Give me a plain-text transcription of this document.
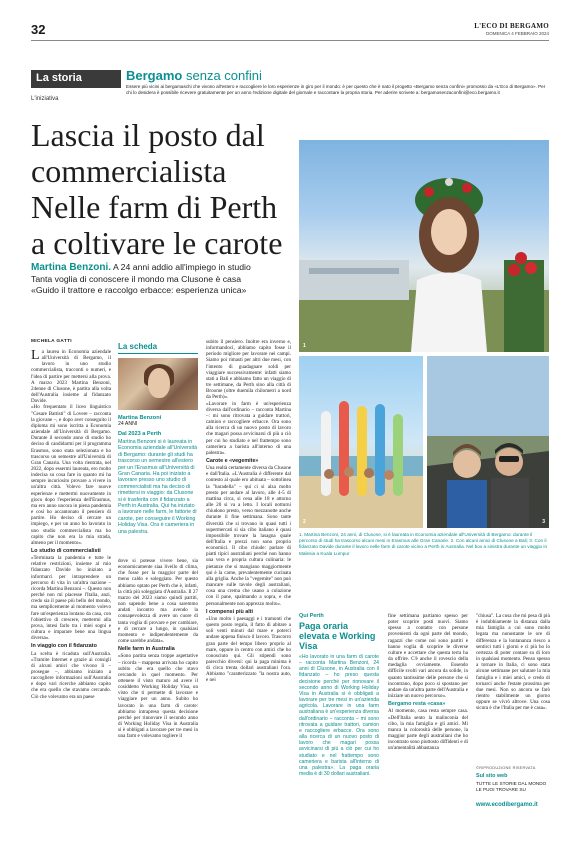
32	L'ECO DI BERGAMO
DOMENICA 4 FEBBRAIO 2024
La storia
L'iniziativa
Bergamo senza confini
Essere più vicini ai bergamaschi che vivono all'estero e raccogliere le loro esperienze in giro per il mondo: è per questo che è nato il progetto «Bergamo senza confini» promosso da «L'Eco di Bergamo». Per chi lo desidera è possibile ricevere gratuitamente per un anno l'edizione digitale del giornale e raccontare la propria storia. Per aderire scrivete a: bergamosenzaconfini@eco.bergamo.it
Lascia il posto dal commercialista Nelle farm di Perth a coltivare le carote
Martina Benzoni. A 24 anni addio all'impiego in studio
Tanta voglia di conoscere il mondo ma Clusone è casa
«Guido il trattore e raccolgo erbacce: esperienza unica»
MICHELA GATTI

La laurea in Economia aziendale all'Università di Bergamo, il lavoro in uno studio commercialista, tracconti o numeri, e l'idea di partire per mettersi alla prova. A marzo 2023 Martina Benzoni, 24enne di Clusone, è partita alla volta dell'Australia insieme al fidanzato Davide.

«Ho frequentato il liceo linguistico "Cesare Battisti" di Lovere – racconta la giovane –, e dopo aver conseguito il diploma mi sono iscritta a Economia aziendale all'Università di Bergamo. Durante il secondo anno di studio ho deciso di candidarmi per il programma Erasmus, sono stata selezionata e ho trascorso un semestre all'Università di Gran Canaria. Una volta rientrata, nel 2022, dopo essermi laureata, ero molto indecisa su cosa fare in quanto mi ha sempre incuriosito provare a vivere in un'altra città. Volevo fare nuove esperienze e mettermi nuovamente in gioco dopo l'esperienza dell'Erasmus, ma ero anno uncora in piena pandemia e così ho accantonato il pensiero di partire. Ho deciso di cercare un impiego, e per un anno ho lavorato in uno studio commercialista ma ho capito che non era la mia strada, almeno per il momento».

Lo studio di commercialisti

«Terminata la pandemia e tutte le relative restrizioni, insieme al mio fidanzato Davide ho iniziato a informarci per intraprendere un percorso di vita in un'altra nazione – ricorda Martina Benzoni –. Questo non perché non mi piacesse l'Italia, anzi, credo sia il paese più bello del mondo, ma semplicemente al momento volevo fare un'esperienza lontano da casa, con l'obiettivo di crescere, mettermi alla prova, intesi farlo tra i miei sogni e cultura e imparare bene una lingua diversa».

In viaggio con il fidanzato

La scelta è ricaduta sull'Australia. «Tramite Internet e grazie ai consigli di alcuni amici che vivono lì – prosegue –, abbiamo iniziato a raccogliere informazioni sull'Australia e dopo vari ricerche abbiamo capito che era quello che stavamo cercando. Ciò che volevamo era un paese

La scheda
Martina Benzoni
24 ANNI
Dal 2023 a Perth
Martina Benzoni si è laureata in Economia aziendale all'Università di Bergamo: durante gli studi ha trascorso un semestre all'estero per un l'Erasmus all'Università di Gran Canaria. Ha poi iniziato a lavorare presso uno studio di commercialisti ma ha deciso di rimettersi in viaggio: da Clusone si è trasferita con il fidanzato a Perth in Australia. Qui ha iniziato a lavorare nelle farm, le fattorie di carote, per conseguire il Working Holiday Visa. Ora è cameriera in una palestra.

dove si potesse vivere bene, sia economicamente siaa livello di clima, che fosse per la maggior parte del meno caldo e soleggiato. Per questo abbiamo optato per Perth che è, infatti, la città più soleggiata d'Australia. Il 27 marzo del 2023 siamo quindi partiti, non sapendo bene a cosa saremmo andati incontro ma avendo la consapevolezza di avere un cuore di tanta voglia di provare e per cambiare, e di cercare a lungo, in qualsiasi momento e indipendentemente da come sarebbe andata».

Nelle farm in Australia

«Sono partita senza troppe aspettative – ricorda – mappena arrivata ho capito subito che era quello che stavo cercando in quel momento. Per ottenere il visto maturo ad avere il cosiddetto Working Holiday Visa, un visto che ti permette di lavorare e viaggiare per un anno. Subito ho lavorato in una farm di carote: abbiamo intrapreso questa decisione perché per rinnovare il secondo anno di Working Holiday Visa in Australia si è obbligati a lavorare per tre mesi in una farm e volevamo togliere il

subito il pensiero. Inoltre era inverno e, informandoci, abbiamo capito fosse il periodo migliore per lavorare nei campi. Siamo poi rimasti per altri due mesi, con l'intento di guadagnare soldi per viaggiare successivamente: infatti siamo stati a Bali e abbiamo fatto un viaggio di tre settimane, da Perth sino alla città di Broome (oltre duemila chilometri a nord da Perth)».

«Lavorare in farm è un'esperienza diversa dall'ordinario – racconta Martina –: mi sono ritrovata a guidare trattori, camion e raccogliere erbacce. Ora sono alla ricerca di un nuovo posto di lavoro che magari possa avvicinarsi di più a ciò per cui ho studiato e nel frattempo sono cameriera a barista all'interno di una palestra».

Carote e «vegemite»

Una realtà certamente diversa da Clusone e dall'Italia. «L'Australia è differente dal contesto al quale ero abituata – sottolinea la "baradella" – qui ci si alza molto presto per andare al lavoro, alle 4-5 di mattina circa, si cena alle 18 e attorno alle 20 si va a letto. I locali notturni chiudono presto, verso mezzanotte anche durante il fine settimana. Sono tante diversità che si trovano in quasi tutti i supermercati si sia cibo italiano è quasi impossibile trovare la lasagna quale dell'Italia e prezzi non sono proprio economici. Il cibo chiude: parlare di piatti tipici australiani perché non hanno una vera e propria cultura culinaria: le pietanze che si mangiano maggiormente qui è la carne, prevalentemente cucinata alla griglia. Anche la "vegemite" non può mancare sulle tavole degli australiani, cosa una crema che usano a colazione con il pane, spalmando a sopra, e che personalmente non apprezzo molto».

I compensi più alti

«Uno molto i paesaggi e i tramonti che questo posto regala, il fatto di abitare a soli venti minuti dal mare e poterci andare appena finisco il lavoro. Trascorro gran parte del tempo libero proprio al mare, oppure in centro con amici che ho conosciuto qui. Gli stipendi sono parecchio diversi: qui la paga minima è di circa trenta dollari australiani l'ora. Abbiamo "caratterizzato "la nostra auto, e nei

1
2	3
1. Martina Benzoni, 24 anni, di Clusone, si è laureata in Economia aziendale all'Università di Bergamo: durante il percorso di studi ha trascorso alcuni mesi in Erasmus alle Gran Canarie. 2. Con alcuni amici di Clusone a Bali; 3. Con il fidanzato Davide durante il lavoro nelle farm di carote vicino a Perth in Australia. Nel box a sinistra durante un viaggio in Malesia a Kuala Lumpur
Qui Perth
Paga oraria elevata e Working Visa
«Ho lavorato in una farm di carote – racconta Martina Benzoni, 24 anni di Clusone, in Australia con il fidanzato – ho preso questa decisione perché per rinnovare il secondo anno di Working Holiday Visa in Australia si è obbligati a lavorare per tre mesi in un'azienda agricola. Lavorare in una farm australiana è un'esperienza diversa dall'ordinario – racconta – mi sono ritrovata a guidare trattori, camion e raccogliere erbacce. Ora sono alla ricerca di un nuovo posto di lavoro che magari possa avvicinarsi di più a ciò per cui ho studiato e nel frattempo sono cameriera e barista all'interno di una palestra». La paga oraria media è di 30 dollari australiani.

fine settimana partiamo spesso per poter scoprire posti nuovi. Siamo spesso a contatto con persone provenienti da ogni parte del mondo, ragazzi che come noi sono partiti e hanno voglia di scoprire le diverse culture e accettare che questa terra ha da offrire. C'è anche il rovescio della medaglia ovviamente. Essendo difficile svolti vari ancora da solide, in quanto tantissime delle persone che si incontrano, dopo poco si spostano per andare da un'altra parte dell'Australia e iniziare un nuovo percorso».

Bergamo resta «casa»

Al momento, casa resta sempre casa. «Dell'Italia sento la malinconia del cibo, la mia famiglia e gli amici. Mi manca la colorosità delle persone, la maggior parte degli australiani che ho incontrato sono piuttosto diffidenti e di un'amentalità abbastanza

"chiusa". La cosa che mi pesa di più è indubbiamente la distanza dalla mia famiglia a cui sono molto legata ma nonostante le ore di differenza e la lontananza riesco a sentirci tutti i giorni e ci più ho lo certezza di poter contare su di loro in qualsiasi momento. Penso spesso a tornare in Italia, ci sono stata alcune settimane per salutare la mia famiglia e i miei amici, e credo di tornarci anche l'estate prossima per due mesi. Non so ancora se farò rientro stabilmente un giorno oppure se vivrò altrove. Una cosa sicura è che l'Italia per me è casa».

©RIPRODUZIONE RISERVATA
Sul sito web
TUTTE LE STORIE DAL MONDO LE PUOI TROVARE SU
www.ecodibergamo.it
